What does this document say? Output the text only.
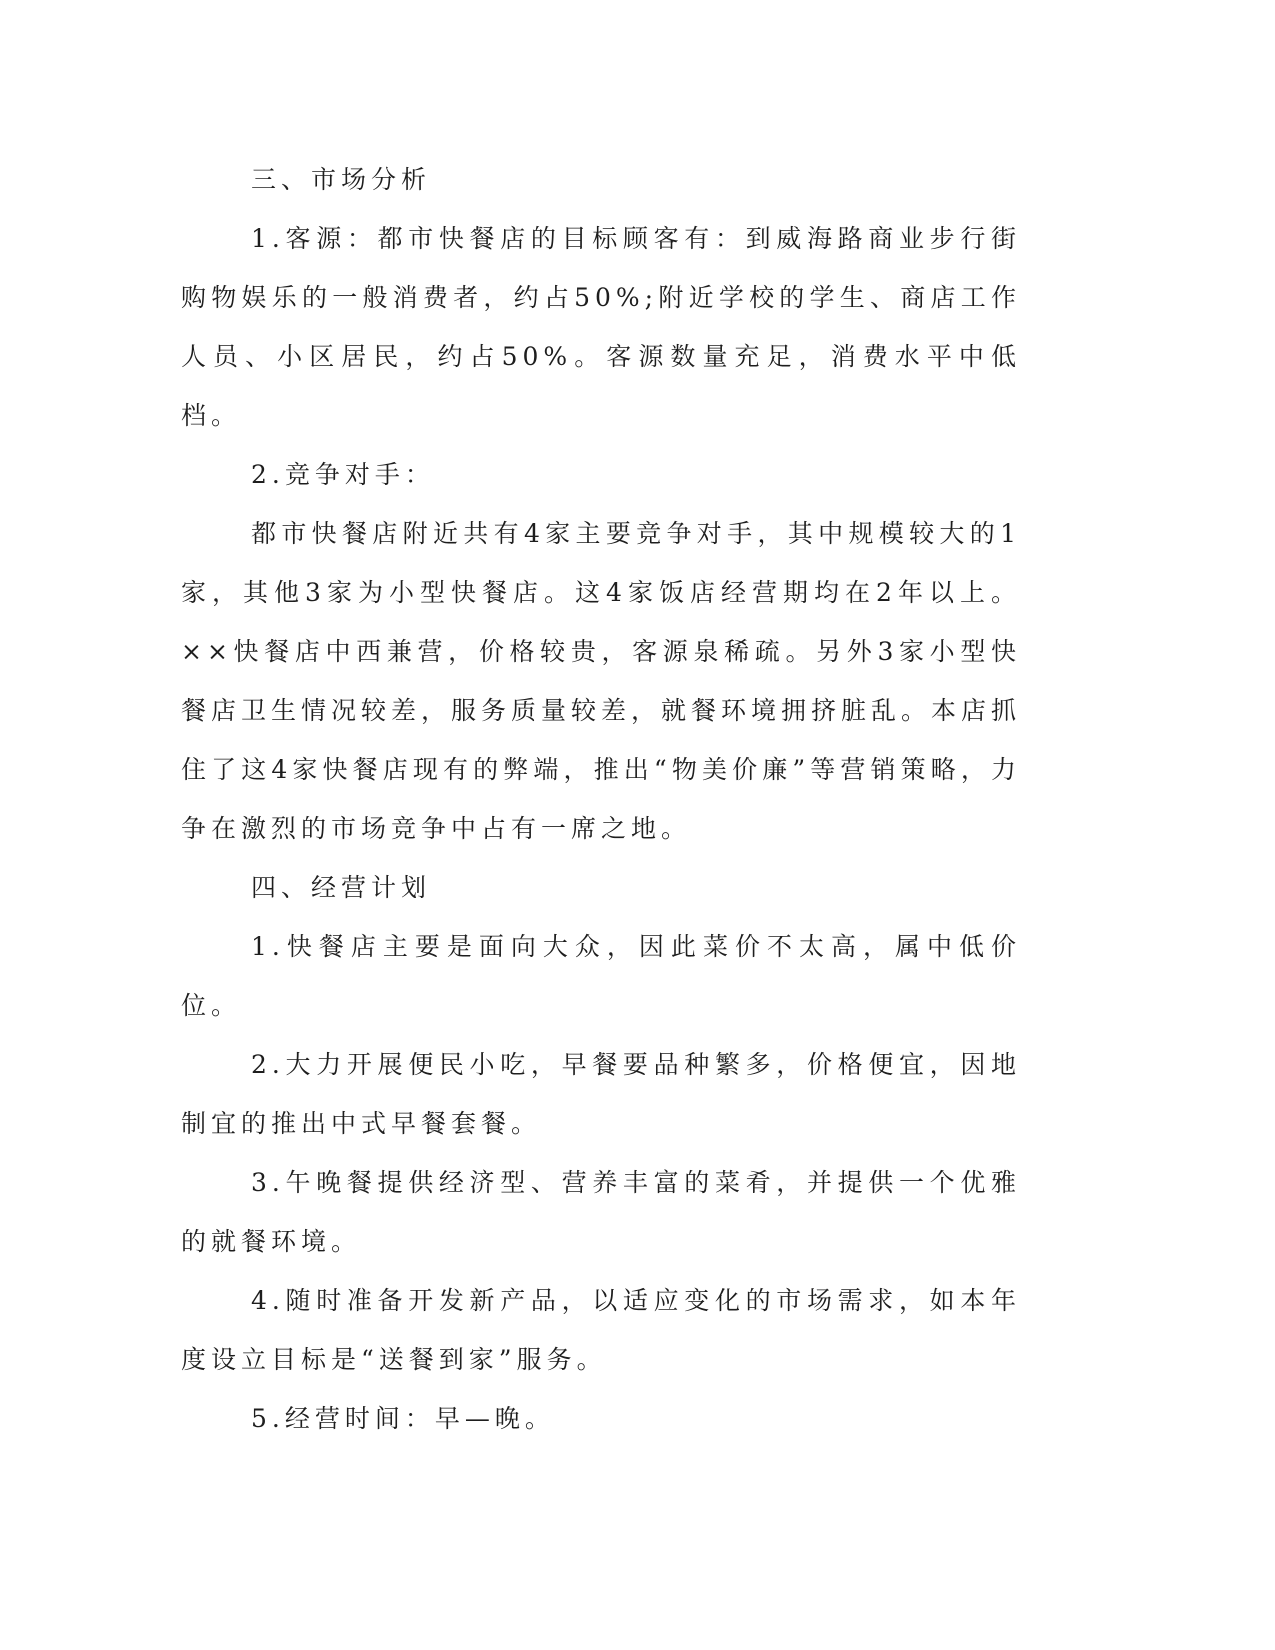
三、市场分析

1.客源：都市快餐店的目标顾客有：到威海路商业步行街购物娱乐的一般消费者，约占50%;附近学校的学生、商店工作人员、小区居民，约占50%。客源数量充足，消费水平中低档。

2.竞争对手：

都市快餐店附近共有4家主要竞争对手，其中规模较大的1家，其他3家为小型快餐店。这4家饭店经营期均在2年以上。××快餐店中西兼营，价格较贵，客源泉稀疏。另外3家小型快餐店卫生情况较差，服务质量较差，就餐环境拥挤脏乱。本店抓住了这4家快餐店现有的弊端，推出“物美价廉”等营销策略，力争在激烈的市场竞争中占有一席之地。

四、经营计划

1.快餐店主要是面向大众，因此菜价不太高，属中低价位。

2.大力开展便民小吃，早餐要品种繁多，价格便宜，因地制宜的推出中式早餐套餐。

3.午晚餐提供经济型、营养丰富的菜肴，并提供一个优雅的就餐环境。

4.随时准备开发新产品，以适应变化的市场需求，如本年度设立目标是“送餐到家”服务。

5.经营时间：早—晚。
